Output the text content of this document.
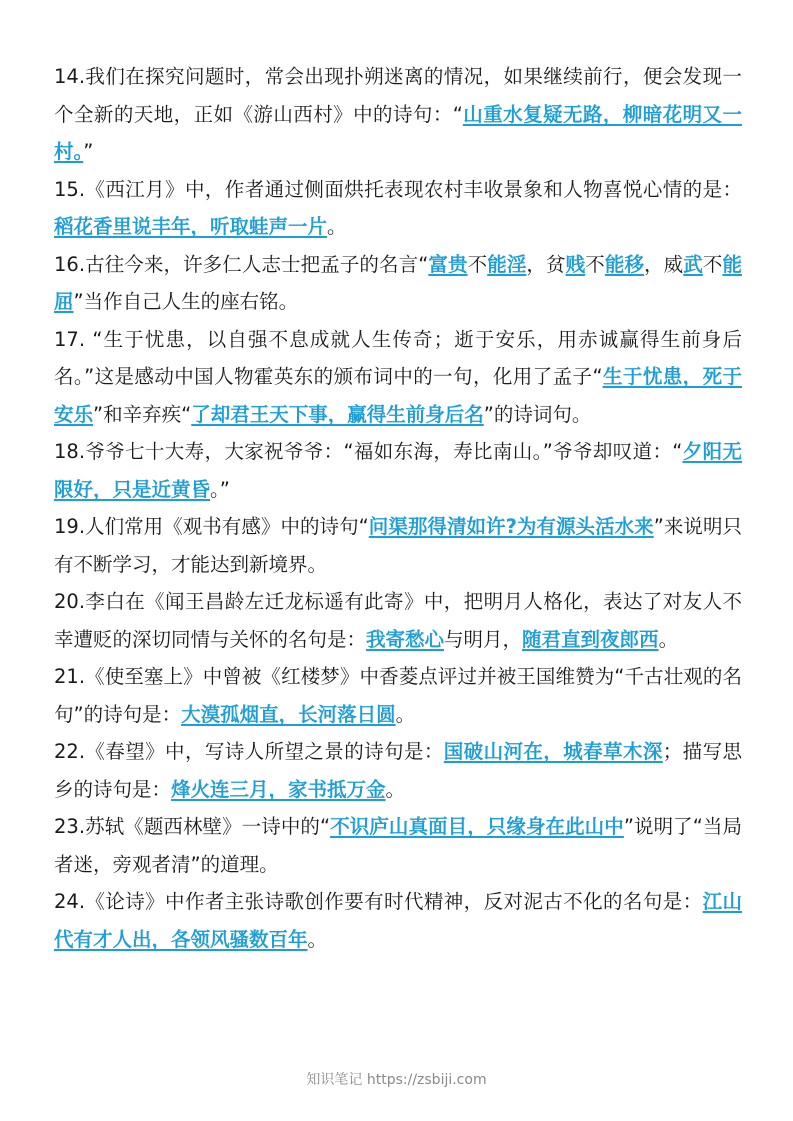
14.我们在探究问题时，常会出现扑朔迷离的情况，如果继续前行，便会发现一个全新的天地，正如《游山西村》中的诗句：“山重水复疑无路，柳暗花明又一村。”

15.《西江月》中，作者通过侧面烘托表现农村丰收景象和人物喜悦心情的是：稻花香里说丰年，听取蛙声一片。

16.古往今来，许多仁人志士把孟子的名言“富贵不能淫，贫贱不能移，威武不能屈”当作自己人生的座右铭。

17. “生于忧患，以自强不息成就人生传奇；逝于安乐，用赤诚赢得生前身后名。”这是感动中国人物霍英东的颁布词中的一句，化用了孟子“生于忧患，死于安乐”和辛弃疾“了却君王天下事，赢得生前身后名”的诗词句。

18.爷爷七十大寿，大家祝爷爷：“福如东海，寿比南山。”爷爷却叹道：“夕阳无限好，只是近黄昏。”

19.人们常用《观书有感》中的诗句“问渠那得清如许?为有源头活水来”来说明只有不断学习，才能达到新境界。

20.李白在《闻王昌龄左迁龙标遥有此寄》中，把明月人格化，表达了对友人不幸遭贬的深切同情与关怀的名句是：我寄愁心与明月，随君直到夜郎西。

21.《使至塞上》中曾被《红楼梦》中香菱点评过并被王国维赞为“千古壮观的名句”的诗句是：大漠孤烟直，长河落日圆。

22.《春望》中，写诗人所望之景的诗句是：国破山河在，城春草木深；描写思乡的诗句是：烽火连三月，家书抵万金。

23.苏轼《题西林壁》一诗中的“不识庐山真面目，只缘身在此山中”说明了“当局者迷，旁观者清”的道理。

24.《论诗》中作者主张诗歌创作要有时代精神，反对泥古不化的名句是：江山代有才人出，各领风骚数百年。

知识笔记 https://zsbiji.com
